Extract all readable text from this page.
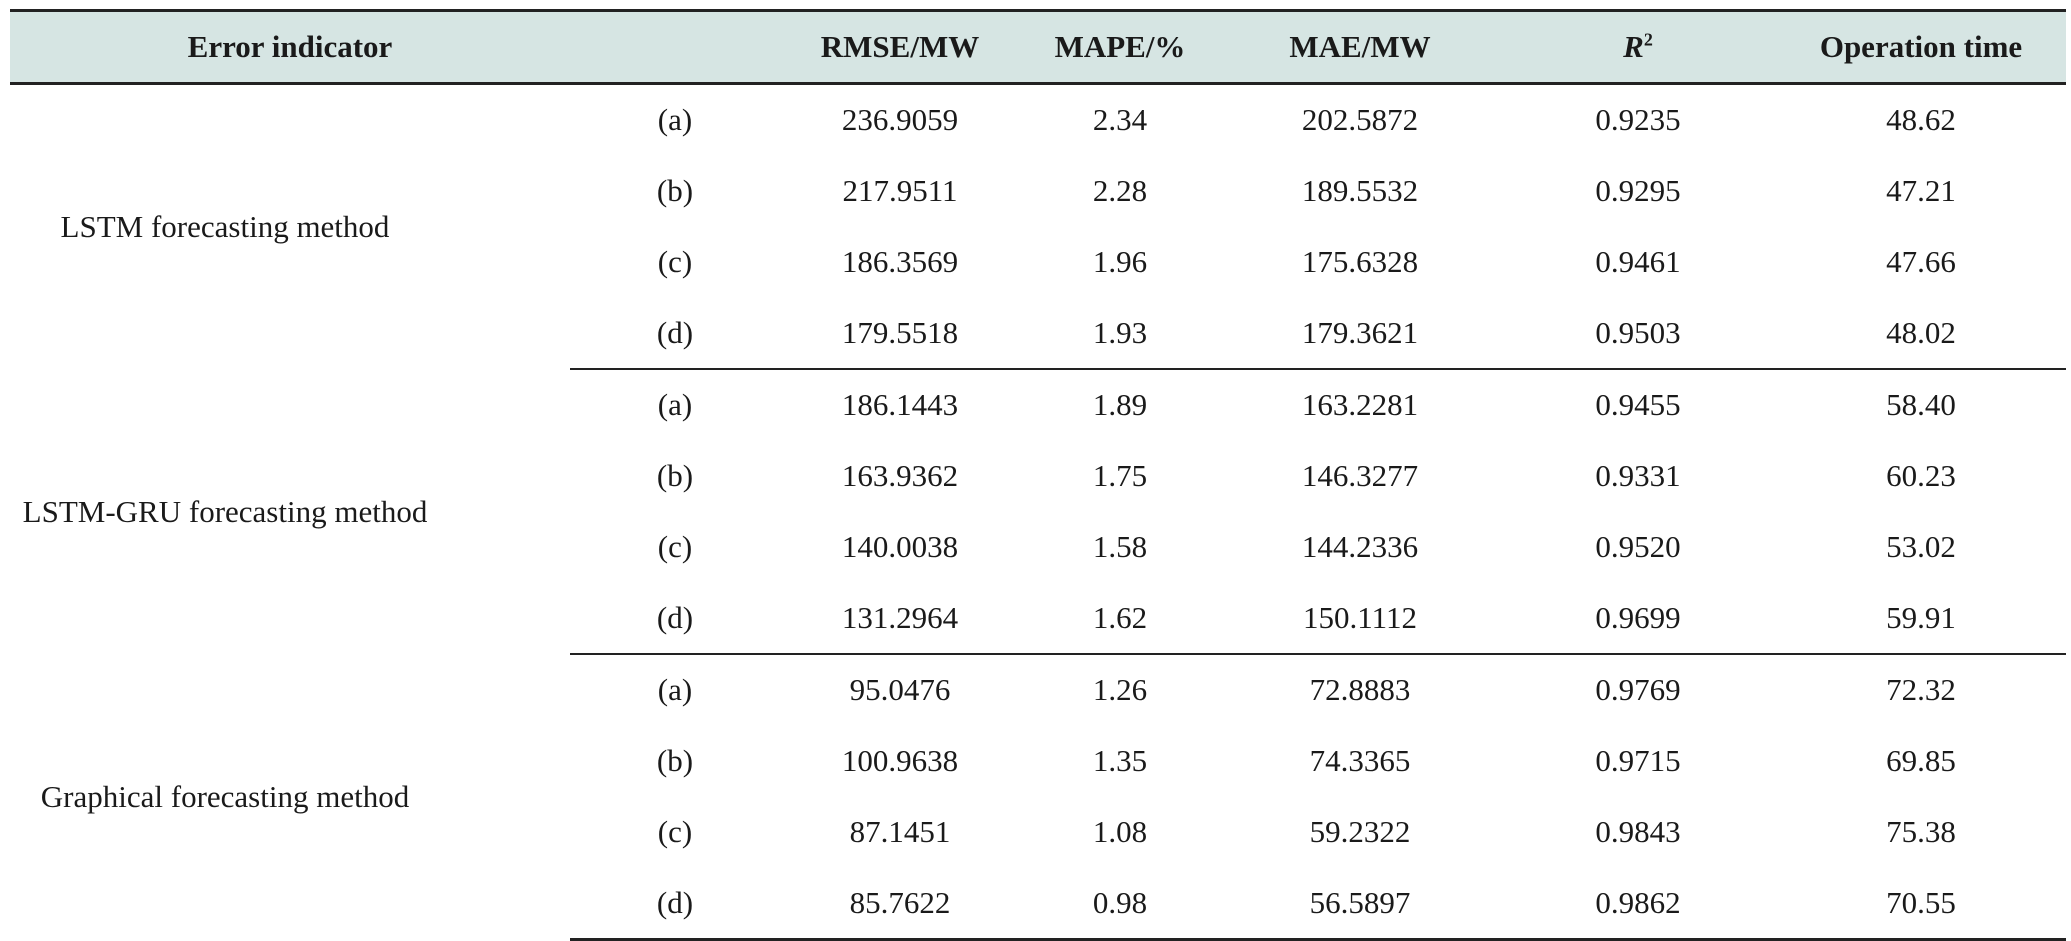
Error indicator		RMSE/MW	MAPE/%	MAE/MW	$R^2$	Operation time
LSTM forecasting method	(a)	236.9059	2.34	202.5872	0.9235	48.62
	(b)	217.9511	2.28	189.5532	0.9295	47.21
	(c)	186.3569	1.96	175.6328	0.9461	47.66
	(d)	179.5518	1.93	179.3621	0.9503	48.02
LSTM-GRU forecasting method	(a)	186.1443	1.89	163.2281	0.9455	58.40
	(b)	163.9362	1.75	146.3277	0.9331	60.23
	(c)	140.0038	1.58	144.2336	0.9520	53.02
	(d)	131.2964	1.62	150.1112	0.9699	59.91
Graphical forecasting method	(a)	95.0476	1.26	72.8883	0.9769	72.32
	(b)	100.9638	1.35	74.3365	0.9715	69.85
	(c)	87.1451	1.08	59.2322	0.9843	75.38
	(d)	85.7622	0.98	56.5897	0.9862	70.55
